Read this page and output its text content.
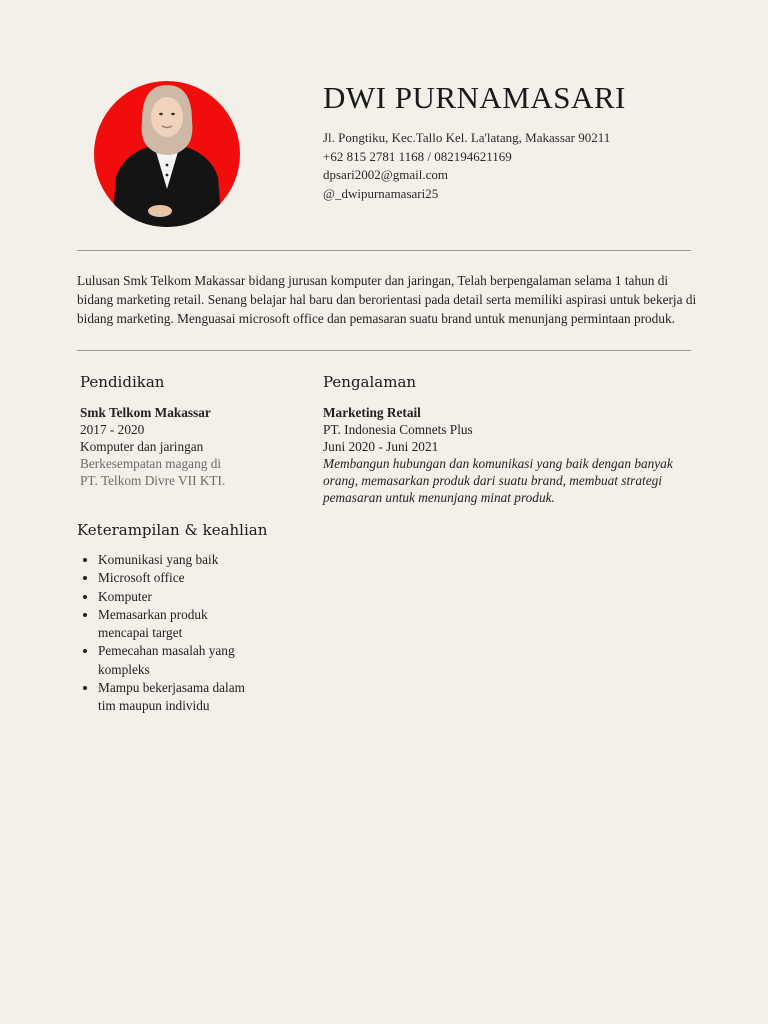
DWI PURNAMASARI
Jl. Pongtiku, Kec.Tallo Kel. La'latang, Makassar 90211
+62 815 2781 1168 / 082194621169
dpsari2002@gmail.com
@_dwipurnamasari25
Lulusan Smk Telkom Makassar bidang jurusan komputer dan jaringan, Telah berpengalaman selama 1 tahun di bidang marketing retail. Senang belajar hal baru dan berorientasi pada detail serta memiliki aspirasi untuk bekerja di bidang marketing. Menguasai microsoft office dan pemasaran suatu brand untuk menunjang permintaan produk.
Pendidikan
Smk Telkom Makassar
2017 - 2020
Komputer dan jaringan
Berkesempatan magang di
PT. Telkom Divre VII KTI.
Pengalaman
Marketing Retail
PT. Indonesia Comnets Plus
Juni 2020 - Juni 2021
Membangun hubungan dan komunikasi yang baik dengan banyak orang, memasarkan produk dari suatu brand, membuat strategi pemasaran untuk menunjang minat produk.
Keterampilan & keahlian
• Komunikasi yang baik
• Microsoft office
• Komputer
• Memasarkan produk mencapai target
• Pemecahan masalah yang kompleks
• Mampu bekerjasama dalam tim maupun individu
